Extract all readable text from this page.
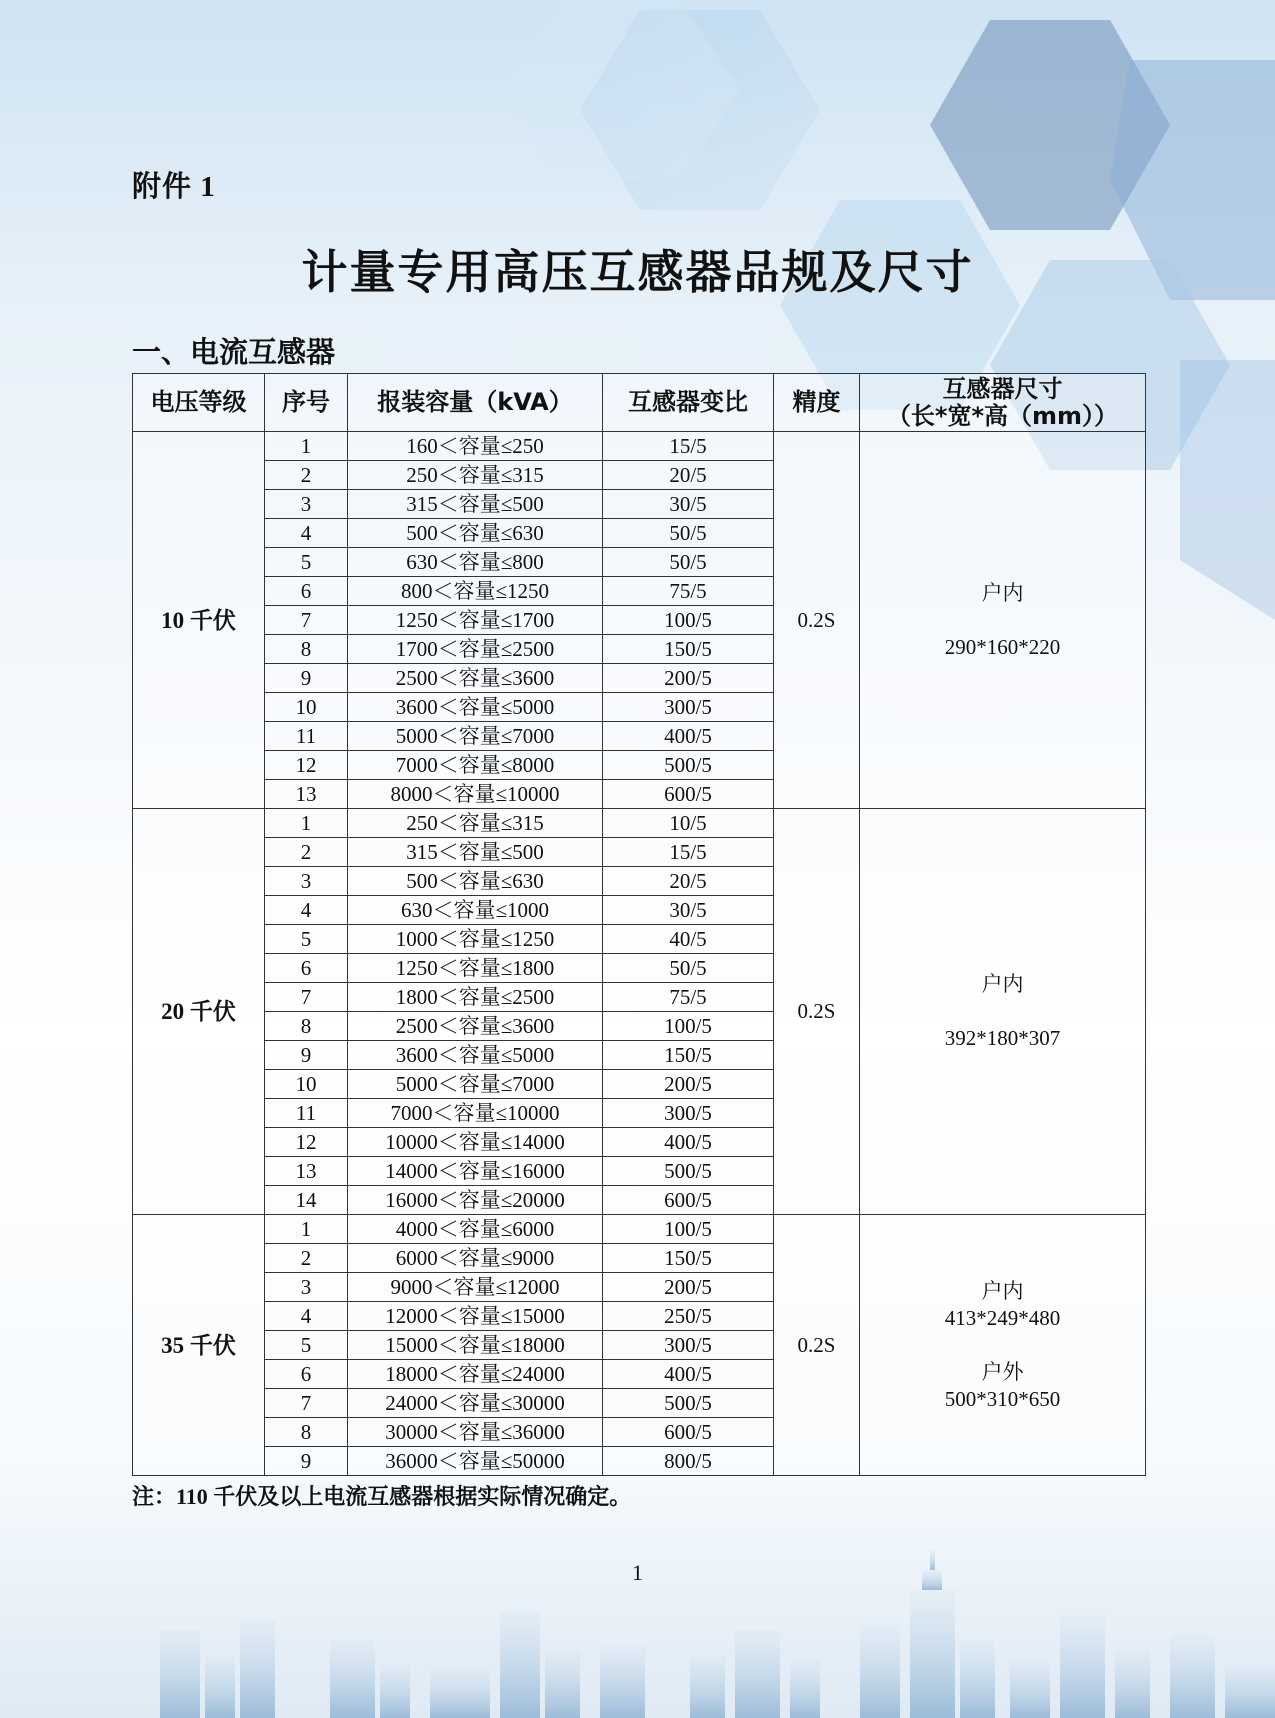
附件 1
计量专用高压互感器品规及尺寸
一、电流互感器
电压等级	序号	报装容量（kVA）	互感器变比	精度	互感器尺寸
（长*宽*高（mm））

10 千伏	1	160＜容量≤250	15/5	0.2S	户内
290*160*220

	2	250＜容量≤315	20/5		
	3	315＜容量≤500	30/5		
	4	500＜容量≤630	50/5		
	5	630＜容量≤800	50/5		
	6	800＜容量≤1250	75/5		
	7	1250＜容量≤1700	100/5		
	8	1700＜容量≤2500	150/5		
	9	2500＜容量≤3600	200/5		
	10	3600＜容量≤5000	300/5		
	11	5000＜容量≤7000	400/5		
	12	7000＜容量≤8000	500/5		
	13	8000＜容量≤10000	600/5		
20 千伏	1	250＜容量≤315	10/5	0.2S	户内
392*180*307

	2	315＜容量≤500	15/5		
	3	500＜容量≤630	20/5		
	4	630＜容量≤1000	30/5		
	5	1000＜容量≤1250	40/5		
	6	1250＜容量≤1800	50/5		
	7	1800＜容量≤2500	75/5		
	8	2500＜容量≤3600	100/5		
	9	3600＜容量≤5000	150/5		
	10	5000＜容量≤7000	200/5		
	11	7000＜容量≤10000	300/5		
	12	10000＜容量≤14000	400/5		
	13	14000＜容量≤16000	500/5		
	14	16000＜容量≤20000	600/5		
35 千伏	1	4000＜容量≤6000	100/5	0.2S	户内
413*249*480
户外
500*310*650

	2	6000＜容量≤9000	150/5		
	3	9000＜容量≤12000	200/5		
	4	12000＜容量≤15000	250/5		
	5	15000＜容量≤18000	300/5		
	6	18000＜容量≤24000	400/5		
	7	24000＜容量≤30000	500/5		
	8	30000＜容量≤36000	600/5		
	9	36000＜容量≤50000	800/5		
注：110 千伏及以上电流互感器根据实际情况确定。
1
